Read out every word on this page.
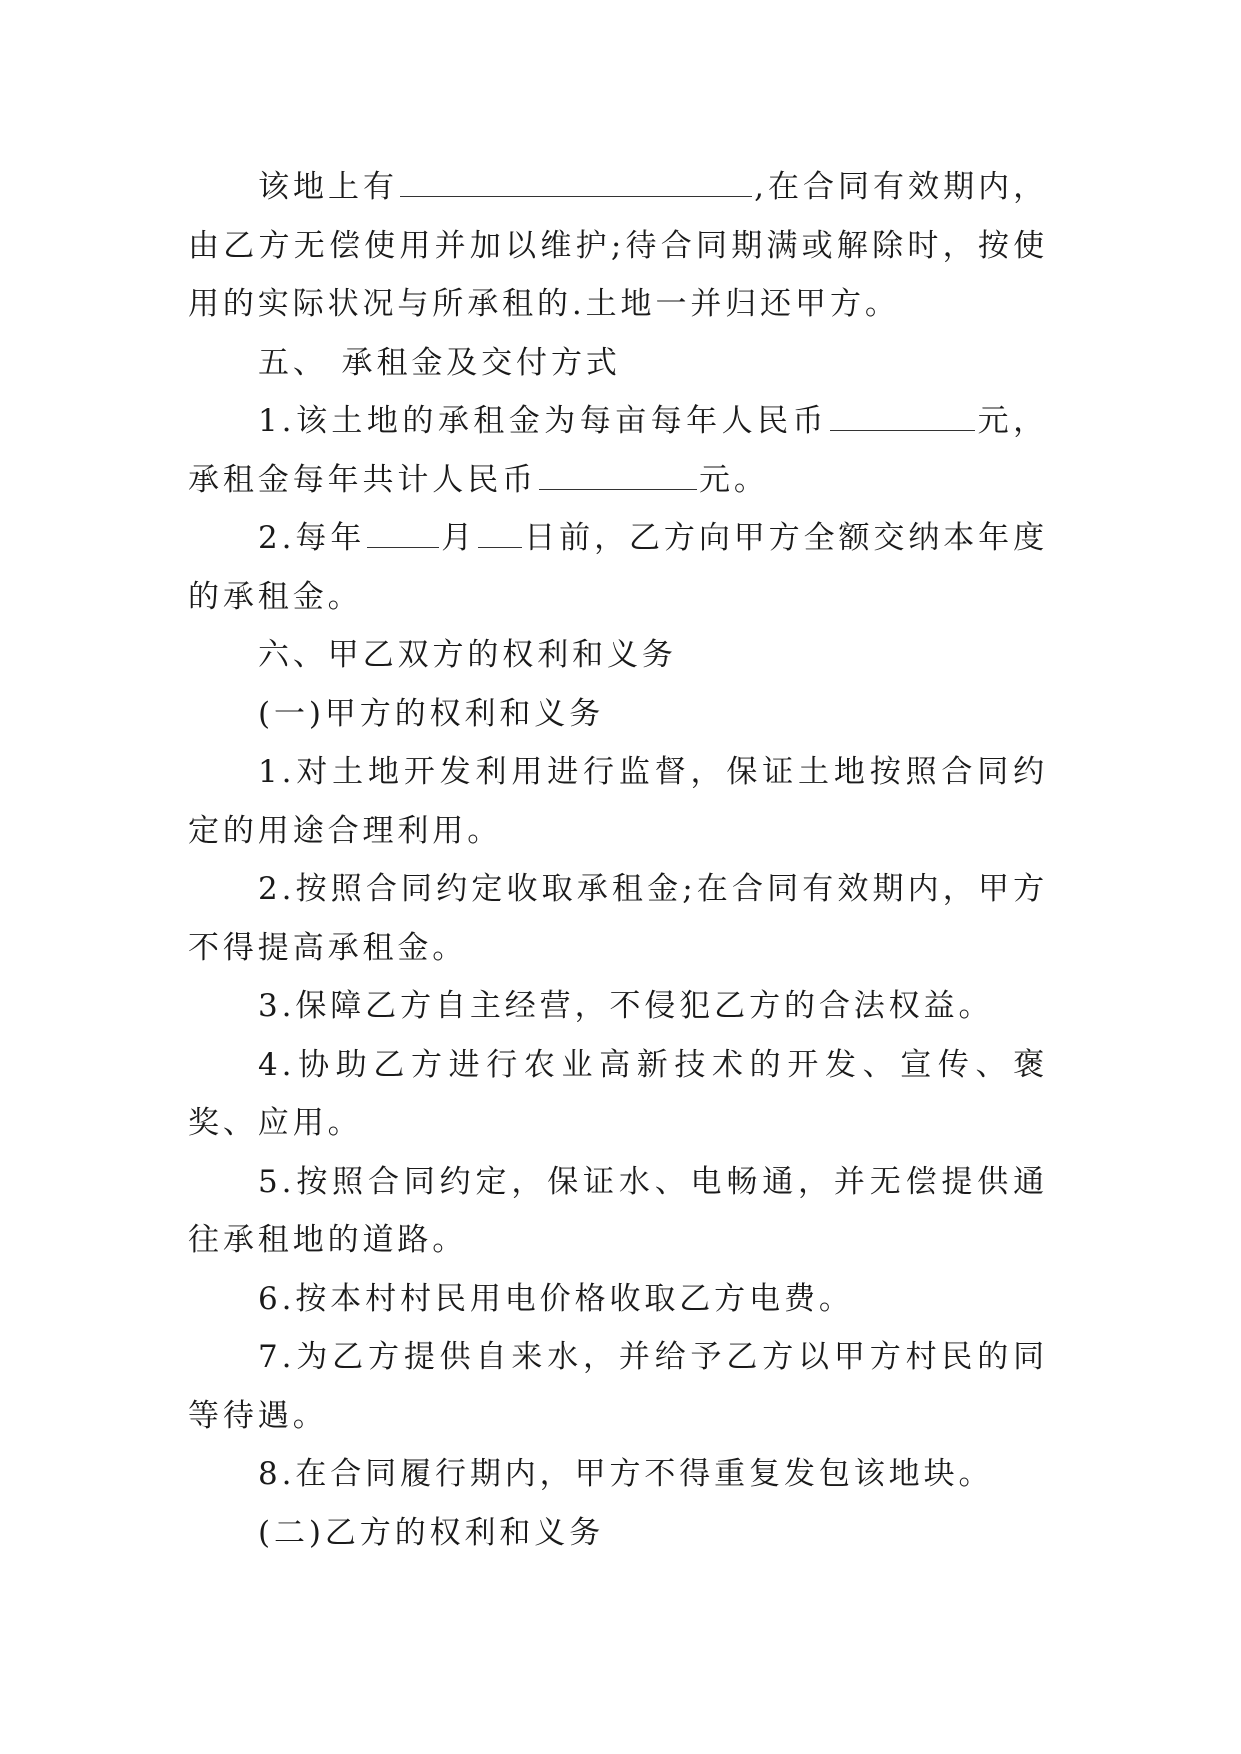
该地上有	,在合同有效期内，由乙方无偿使用并加以维护;待合同期满或解除时，按使用的实际状况与所承租的.土地一并归还甲方。

五、 承租金及交付方式

1.该土地的承租金为每亩每年人民币	元，承租金每年共计人民币	元。

2.每年 月 日前，乙方向甲方全额交纳本年度的承租金。

六、甲乙双方的权利和义务

(一)甲方的权利和义务

1.对土地开发利用进行监督，保证土地按照合同约定的用途合理利用。

2.按照合同约定收取承租金;在合同有效期内，甲方不得提高承租金。

3.保障乙方自主经营，不侵犯乙方的合法权益。

4.协助乙方进行农业高新技术的开发、宣传、褒奖、应用。

5.按照合同约定，保证水、电畅通，并无偿提供通往承租地的道路。

6.按本村村民用电价格收取乙方电费。

7.为乙方提供自来水，并给予乙方以甲方村民的同等待遇。

8.在合同履行期内，甲方不得重复发包该地块。

(二)乙方的权利和义务
